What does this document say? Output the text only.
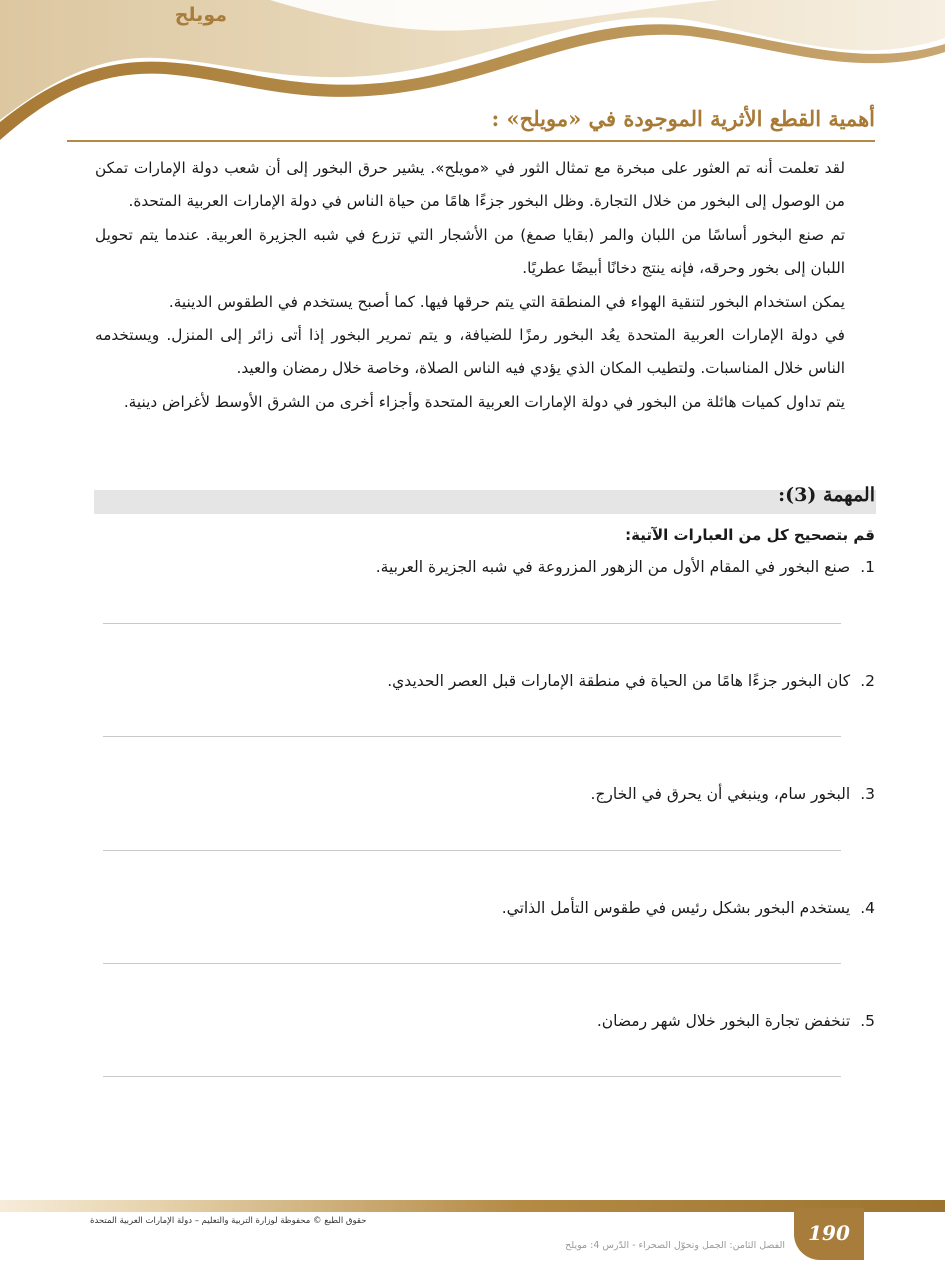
مويلح
أهمية القطع الأثرية الموجودة في «مويلح» :

لقد تعلمت أنه تم العثور على مبخرة مع تمثال الثور في «مويلح». يشير حرق البخور إلى أن شعب دولة الإمارات تمكن من الوصول إلى البخور من خلال التجارة. وظل البخور جزءًا هامًا من حياة الناس في دولة الإمارات العربية المتحدة.

تم صنع البخور أساسًا من اللبان والمر (بقايا صمغ) من الأشجار التي تزرع في شبه الجزيرة العربية. عندما يتم تحويل اللبان إلى بخور وحرقه، فإنه ينتج دخانًا أبيضًا عطريًا.

يمكن استخدام البخور لتنقية الهواء في المنطقة التي يتم حرقها فيها. كما أصبح يستخدم في الطقوس الدينية.

في دولة الإمارات العربية المتحدة يعُد البخور رمزًا للضيافة، و يتم تمرير البخور إذا أتى زائر إلى المنزل. ويستخدمه الناس خلال المناسبات. ولتطيب المكان الذي يؤدي فيه الناس الصلاة، وخاصة خلال رمضان والعيد.

يتم تداول كميات هائلة من البخور في دولة الإمارات العربية المتحدة وأجزاء أخرى من الشرق الأوسط لأغراض دينية.

المهمة (3):

قم بتصحيح كل من العبارات الآتية:

1.صنع البخور في المقام الأول من الزهور المزروعة في شبه الجزيرة العربية.
2.كان البخور جزءًا هامًا من الحياة في منطقة الإمارات قبل العصر الحديدي.
3.البخور سام، وينبغي أن يحرق في الخارج.
4.يستخدم البخور بشكل رئيس في طقوس التأمل الذاتي.
5.تنخفض تجارة البخور خلال شهر رمضان.
190
الفصل الثامن: الجمل وتحوّل الصحراء - الدّرس 4: مويلح
حقوق الطبع © محفوظة لوزارة التربية والتعليم – دولة الإمارات العربية المتحدة
